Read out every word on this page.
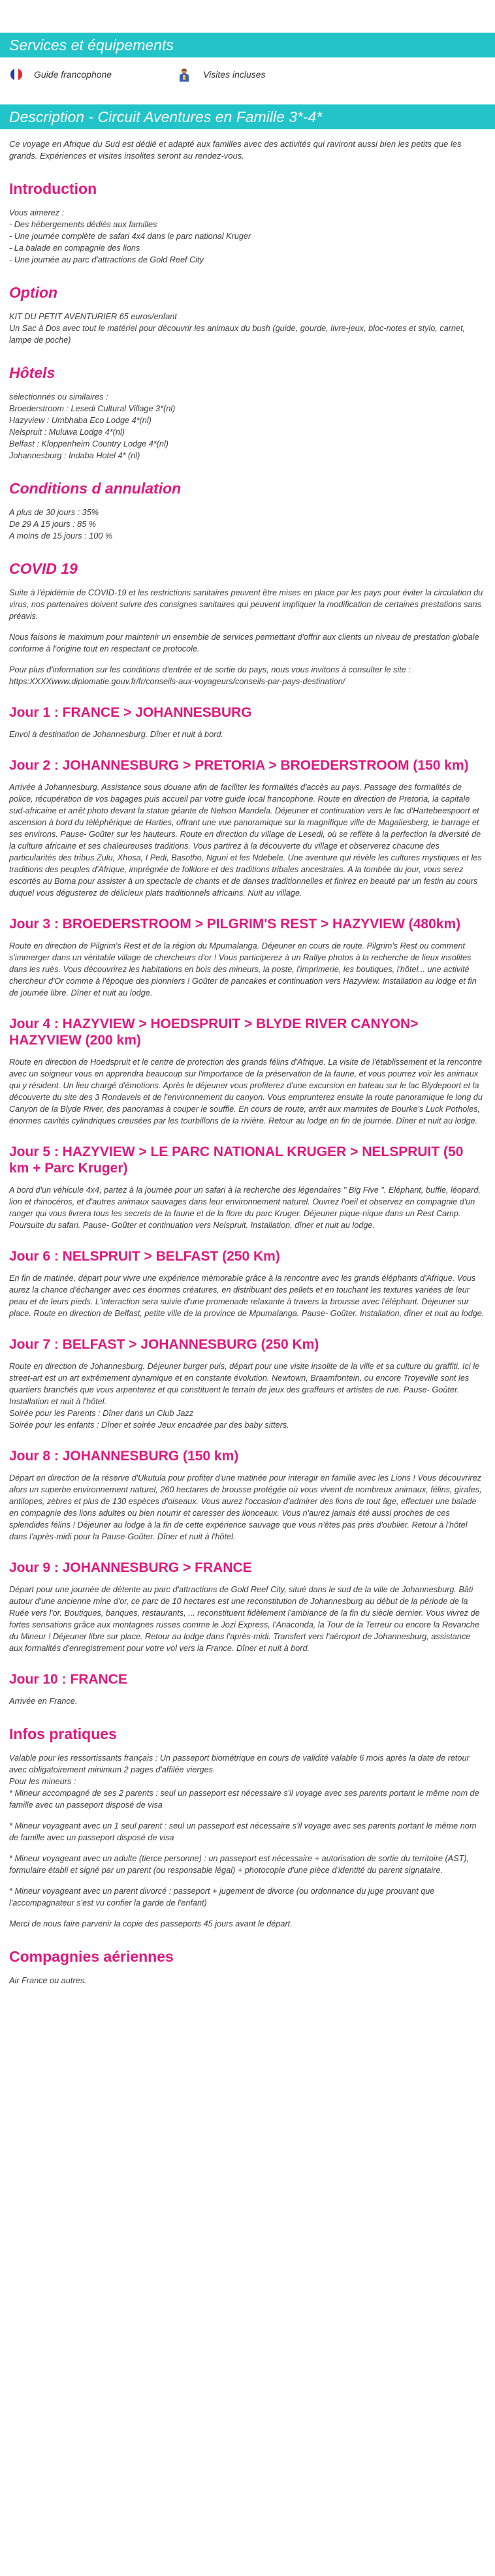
Services et équipements
Guide francophone	Visites incluses
Description - Circuit Aventures en Famille 3*-4*

Ce voyage en Afrique du Sud est dédié et adapté aux familles avec des activités qui raviront aussi bien les petits que les grands. Expériences et visites insolites seront au rendez-vous.

Introduction
Vous aimerez :
- Des hébergements dédiés aux familles
- Une journée complète de safari 4x4 dans le parc national Kruger
- La balade en compagnie des lions
- Une journée au parc d'attractions de Gold Reef City
Option
KIT DU PETIT AVENTURIER 65 euros/enfant
Un Sac à Dos avec tout le matériel pour découvrir les animaux du bush (guide, gourde, livre-jeux, bloc-notes et stylo, carnet, lampe de poche)
Hôtels
sélectionnés ou similaires :
Broederstroom : Lesedi Cultural Village 3*(nl)
Hazyview : Umbhaba Eco Lodge 4*(nl)
Nelspruit : Muluwa Lodge 4*(nl)
Belfast : Kloppenheim Country Lodge 4*(nl)
Johannesburg : Indaba Hotel 4* (nl)
Conditions d annulation
A plus de 30 jours : 35%
De 29 A 15 jours : 85 %
A moins de 15 jours : 100 %
COVID 19

Suite à l'épidémie de COVID-19 et les restrictions sanitaires peuvent être mises en place par les pays pour éviter la circulation du virus, nos partenaires doivent suivre des consignes sanitaires qui peuvent impliquer la modification de certaines prestations sans préavis.

Nous faisons le maximum pour maintenir un ensemble de services permettant d'offrir aux clients un niveau de prestation globale conforme à l'origine tout en respectant ce protocole.

Pour plus d'information sur les conditions d'entrée et de sortie du pays, nous vous invitons à consulter le site : https:XXXXwww.diplomatie.gouv.fr/fr/conseils-aux-voyageurs/conseils-par-pays-destination/

Jour 1 : FRANCE > JOHANNESBURG
Envol à destination de Johannesburg. Dîner et nuit à bord.
Jour 2 : JOHANNESBURG > PRETORIA > BROEDERSTROOM (150 km)
Arrivée à Johannesburg. Assistance sous douane afin de faciliter les formalités d'accès au pays. Passage des formalités de police, récupération de vos bagages puis accueil par votre guide local francophone. Route en direction de Pretoria, la capitale sud-africaine et arrêt photo devant la statue géante de Nelson Mandela. Déjeuner et continuation vers le lac d'Hartebeespoort et ascension à bord du téléphérique de Harties, offrant une vue panoramique sur la magnifique ville de Magaliesberg, le barrage et ses environs. Pause- Goûter sur les hauteurs. Route en direction du village de Lesedi, où se reflète à la perfection la diversité de la culture africaine et ses chaleureuses traditions. Vous partirez à la découverte du village et observerez chacune des particularités des tribus Zulu, Xhosa, I Pedi, Basotho, Nguni et les Ndebele. Une aventure qui révèle les cultures mystiques et les traditions des peuples d'Afrique, imprégnée de folklore et des traditions tribales ancestrales. A la tombée du jour, vous serez escortés au Boma pour assister à un spectacle de chants et de danses traditionnelles et finirez en beauté par un festin au cours duquel vous dégusterez de délicieux plats traditionnels africains. Nuit au village.
Jour 3 : BROEDERSTROOM > PILGRIM'S REST > HAZYVIEW (480km)
Route en direction de Pilgrim's Rest et de la région du Mpumalanga. Déjeuner en cours de route. Pilgrim's Rest ou comment s'immerger dans un véritable village de chercheurs d'or ! Vous participerez à un Rallye photos à la recherche de lieux insolites dans les ruès. Vous découvrirez les habitations en bois des mineurs, la poste, l'imprimerie, les boutiques, l'hôtel... une activité chercheur d'Or comme à l'époque des pionniers ! Goûter de pancakes et continuation vers Hazyview. Installation au lodge et fin de journée libre. Dîner et nuit au lodge.
Jour 4 : HAZYVIEW > HOEDSPRUIT > BLYDE RIVER CANYON> HAZYVIEW (200 km)
Route en direction de Hoedspruit et le centre de protection des grands félins d'Afrique. La visite de l'établissement et la rencontre avec un soigneur vous en apprendra beaucoup sur l'importance de la préservation de la faune, et vous pourrez voir les animaux qui y résident. Un lieu chargé d'émotions. Après le déjeuner vous profiterez d'une excursion en bateau sur le lac Blydepoort et la découverte du site des 3 Rondavels et de l'environnement du canyon. Vous emprunterez ensuite la route panoramique le long du Canyon de la Blyde River, des panoramas à couper le souffle. En cours de route, arrêt aux marmites de Bourke's Luck Potholes, énormes cavités cylindriques creusées par les tourbillons de la rivière. Retour au lodge en fin de journée. Dîner et nuit au lodge.
Jour 5 : HAZYVIEW > LE PARC NATIONAL KRUGER > NELSPRUIT (50 km + Parc Kruger)
A bord d'un véhicule 4x4, partez à la journée pour un safari à la recherche des légendaires " Big Five ". Eléphant, buffle, léopard, lion et rhinocéros, et d'autres animaux sauvages dans leur environnement naturel. Ouvrez l'oeil et observez en compagnie d'un ranger qui vous livrera tous les secrets de la faune et de la flore du parc Kruger. Déjeuner pique-nique dans un Rest Camp. Poursuite du safari. Pause- Goûter et continuation vers Nelspruit. Installation, dîner et nuit au lodge.
Jour 6 : NELSPRUIT > BELFAST (250 Km)
En fin de matinée, départ pour vivre une expérience mémorable grâce à la rencontre avec les grands éléphants d'Afrique. Vous aurez la chance d'échanger avec ces énormes créatures, en distribuant des pellets et en touchant les textures variées de leur peau et de leurs pieds. L'interaction sera suivie d'une promenade relaxante à travers la brousse avec l'éléphant. Déjeuner sur place. Route en direction de Belfast, petite ville de la province de Mpumalanga. Pause- Goûter. Installation, dîner et nuit au lodge.
Jour 7 : BELFAST > JOHANNESBURG (250 Km)
Route en direction de Johannesburg. Déjeuner burger puis, départ pour une visite insolite de la ville et sa culture du graffiti. Ici le street-art est un art extrêmement dynamique et en constante évolution. Newtown, Braamfontein, ou encore Troyeville sont les quartiers branchés que vous arpenterez et qui constituent le terrain de jeux des graffeurs et artistes de rue. Pause- Goûter. Installation et nuit à l'hôtel.
Soirée pour les Parents : Dîner dans un Club Jazz
Soirée pour les enfants : Dîner et soirée Jeux encadrée par des baby sitters.
Jour 8 : JOHANNESBURG (150 km)
Départ en direction de la réserve d'Ukutula pour profiter d'une matinée pour interagir en famille avec les Lions ! Vous découvrirez alors un superbe environnement naturel, 260 hectares de brousse protégée où vous vivent de nombreux animaux, félins, girafes, antilopes, zèbres et plus de 130 espèces d'oiseaux. Vous aurez l'occasion d'admirer des lions de tout âge, effectuer une balade en compagnie des lions adultes ou bien nourrir et caresser des lionceaux. Vous n'aurez jamais été aussi proches de ces splendides félins ! Déjeuner au lodge à la fin de cette expérience sauvage que vous n'êtes pas près d'oublier. Retour à l'hôtel dans l'après-midi pour la Pause-Goûter. Dîner et nuit à l'hôtel.
Jour 9 : JOHANNESBURG > FRANCE
Départ pour une journée de détente au parc d'attractions de Gold Reef City, situé dans le sud de la ville de Johannesburg. Bâti autour d'une ancienne mine d'or, ce parc de 10 hectares est une reconstitution de Johannesburg au début de la période de la Ruée vers l'or. Boutiques, banques, restaurants, ... reconstituent fidèlement l'ambiance de la fin du siècle dernier. Vous vivrez de fortes sensations grâce aux montagnes russes comme le Jozi Express, l'Anaconda, la Tour de la Terreur ou encore la Revanche du Mineur ! Déjeuner libre sur place. Retour au lodge dans l'après-midi. Transfert vers l'aéroport de Johannesburg, assistance aux formalités d'enregistrement pour votre vol vers la France. Dîner et nuit à bord.
Jour 10 : FRANCE
Arrivée en France.
Infos pratiques

Valable pour les ressortissants français : Un passeport biométrique en cours de validité valable 6 mois après la date de retour avec obligatoirement minimum 2 pages d'affilée vierges.
Pour les mineurs :
* Mineur accompagné de ses 2 parents : seul un passeport est nécessaire s'il voyage avec ses parents portant le même nom de famille avec un passeport disposé de visa

* Mineur voyageant avec un 1 seul parent : seul un passeport est nécessaire s'il voyage avec ses parents portant le même nom de famille avec un passeport disposé de visa

* Mineur voyageant avec un adulte (tierce personne) : un passeport est nécessaire + autorisation de sortie du territoire (AST), formulaire établi et signé par un parent (ou responsable légal) + photocopie d'une pièce d'identité du parent signataire.

* Mineur voyageant avec un parent divorcé : passeport + jugement de divorce (ou ordonnance du juge prouvant que l'accompagnateur s'est vu confier la garde de l'enfant)

Merci de nous faire parvenir la copie des passeports 45 jours avant le départ.

Compagnies aériennes
Air France ou autres.
